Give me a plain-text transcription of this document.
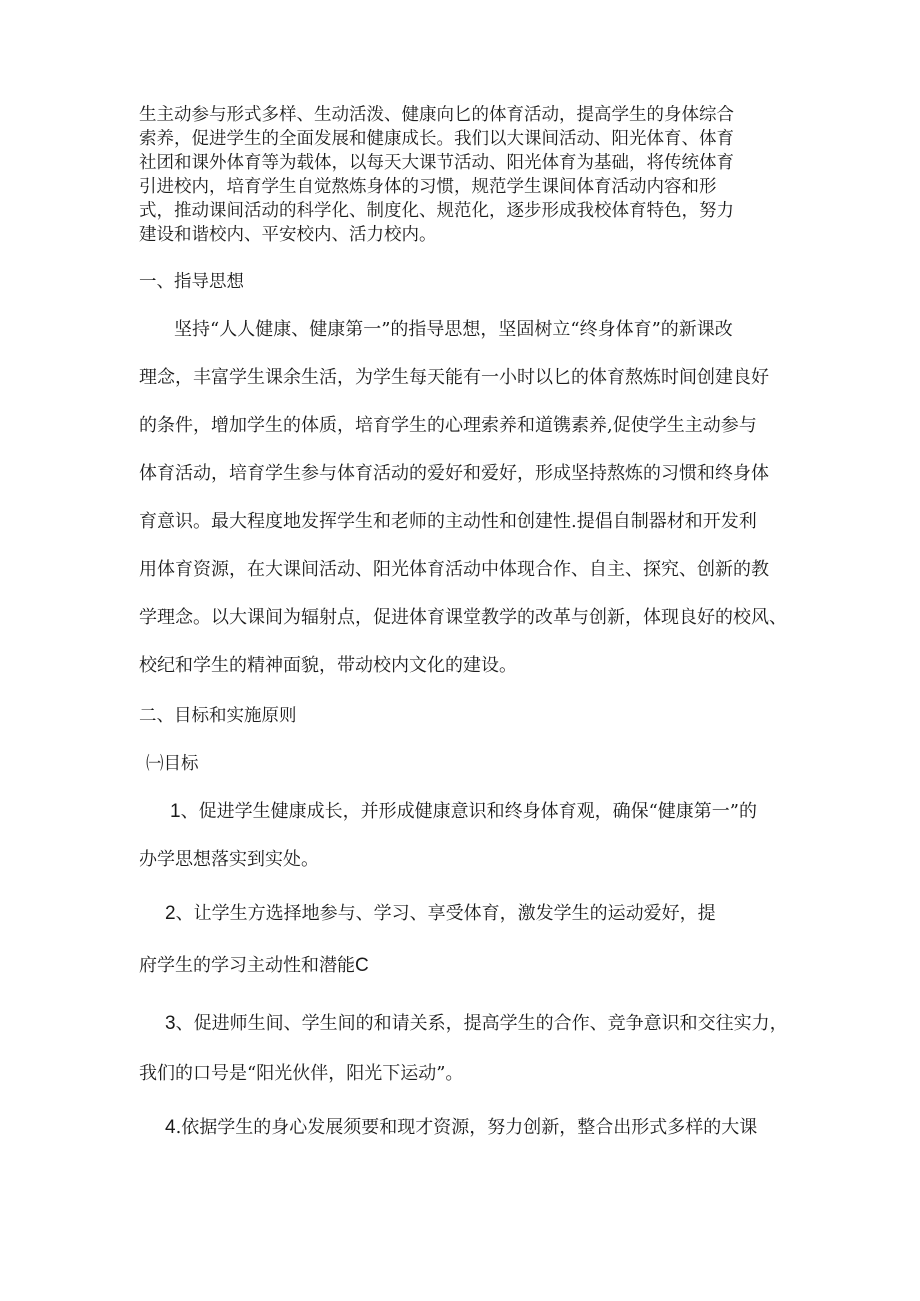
生主动参与形式多样、生动活泼、健康向匕的体育活动，提高学生的身体综合
索养，促进学生的全面发展和健康成长。我们以大课间活动、阳光体育、体育
社团和课外体育等为载体，以每天大课节活动、阳光体育为基础，将传统体育
引进校内，培育学生自觉熬炼身体的习惯，规范学生课间体育活动内容和形
式，推动课间活动的科学化、制度化、规范化，逐步形成我校体育特色，努力
建设和谐校内、平安校内、活力校内。
一、指导思想
坚持“人人健康、健康第一”的指导思想，坚固树立“终身体育”的新课改
理念，丰富学生课余生活，为学生每天能有一小时以匕的体育熬炼时间创建良好
的条件，增加学生的体质，培育学生的心理索养和道镌素养,促使学生主动参与
体育活动，培育学生参与体育活动的爱好和爱好，形成坚持熬炼的习惯和终身体
育意识。最大程度地发挥学生和老师的主动性和创建性.提倡自制器材和开发利
用体育资源，在大课间活动、阳光体育活动中体现合作、自主、探究、创新的教
学理念。以大课间为辐射点，促进体育课堂教学的改革与创新，体现良好的校风、
校纪和学生的精神面貌，带动校内文化的建设。
二、目标和实施原则
㈠目标
1、促进学生健康成长，并形成健康意识和终身体育观，确保“健康第一”的
办学思想落实到实处。
2、让学生方选择地参与、学习、享受体育，激发学生的运动爱好，提
府学生的学习主动性和潜能C
3、促进师生间、学生间的和请关系，提高学生的合作、竞争意识和交往实力，
我们的口号是“阳光伙伴，阳光下运动”。
4.依据学生的身心发展须要和现才资源，努力创新，整合出形式多样的大课
